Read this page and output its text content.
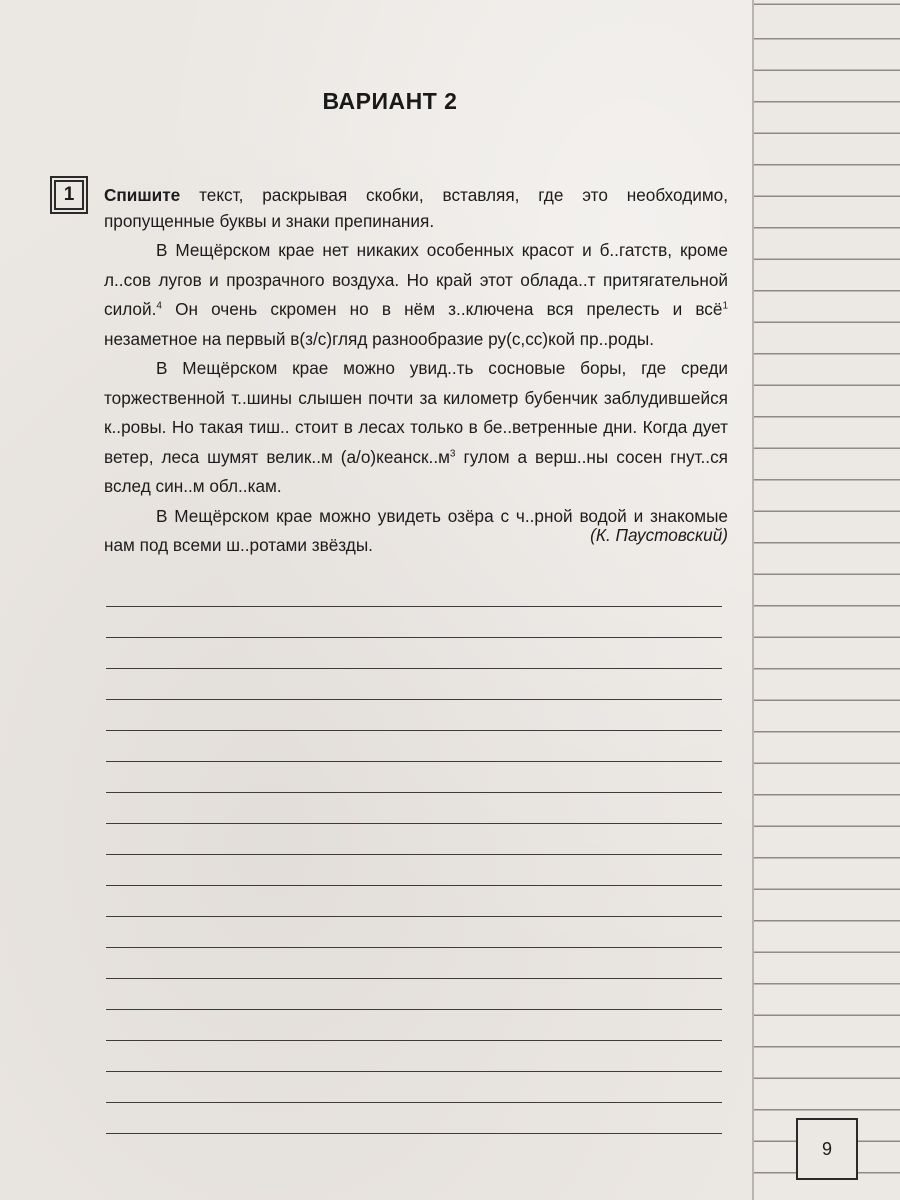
ВАРИАНТ 2
1 Спишите текст, раскрывая скобки, вставляя, где это необходимо, пропущенные буквы и знаки препинания.

В Мещёрском крае нет никаких особенных красот и б..гатств, кроме л..сов лугов и прозрачного воздуха. Но край этот облада..т притягательной силой.$^4$ Он очень скромен но в нём з..ключена вся прелесть и всё$^1$ незаметное на первый в(з/с)гляд разнообразие ру(с,сс)кой пр..роды.

В Мещёрском крае можно увид..ть сосновые боры, где среди торжественной т..шины слышен почти за километр бубенчик заблудившейся к..ровы. Но такая тиш.. стоит в лесах только в бе..ветренные дни. Когда дует ветер, леса шумят велик..м $(а/о)кеанск..м^3$ гулом а верш..ны сосен гнут..ся вслед син..м обл..кам.

В Мещёрском крае можно увидеть озёра с ч..рной водой и знакомые нам под всеми ш..ротами звёзды.	(К. Паустовский)
9
